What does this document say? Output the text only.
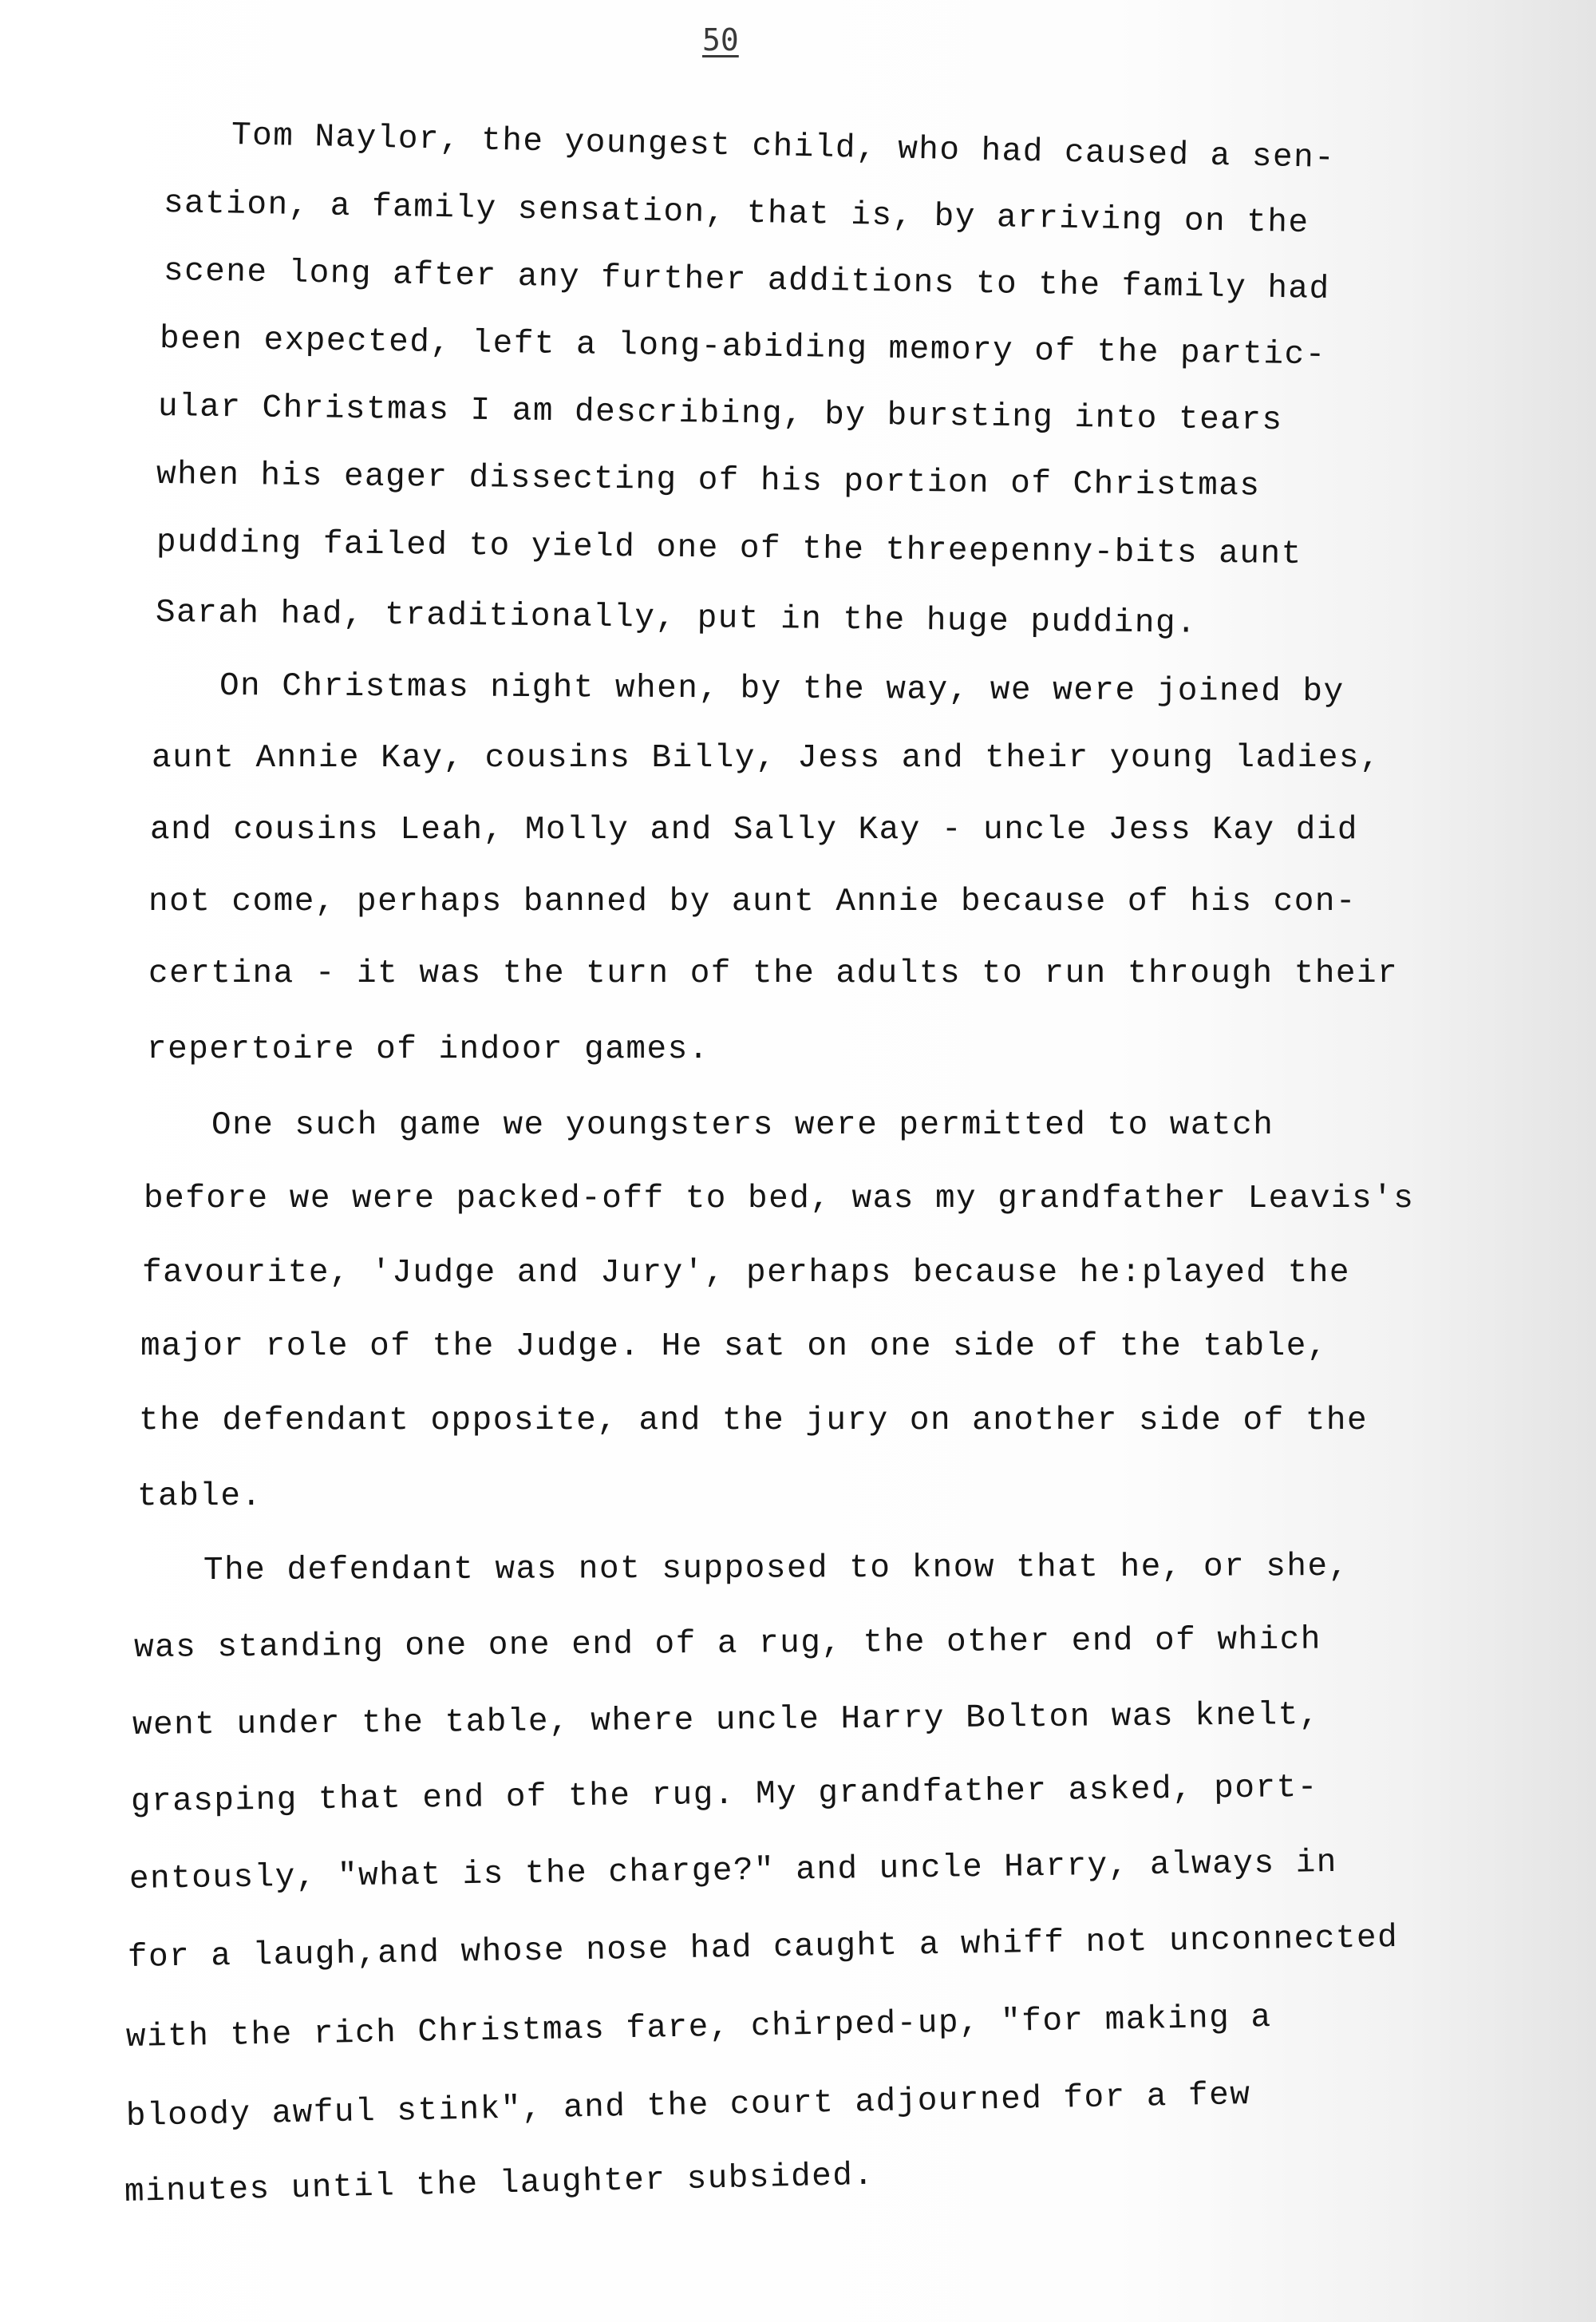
50
Tom Naylor, the youngest child, who had caused a sen-
sation, a family sensation, that is, by arriving on the
scene long after any further additions to the family had
been expected, left a long-abiding memory of the partic-
ular Christmas I am describing, by bursting into tears
when his eager dissecting of his portion of Christmas
pudding failed to yield one of the threepenny-bits aunt
Sarah had, traditionally, put in the huge pudding.
On Christmas night when, by the way, we were joined by
aunt Annie Kay, cousins Billy, Jess and their young ladies,
and cousins Leah, Molly and Sally Kay - uncle Jess Kay did
not come, perhaps banned by aunt Annie because of his con-
certina - it was the turn of the adults to run through their
repertoire of indoor games.
One such game we youngsters were permitted to watch
before we were packed-off to bed, was my grandfather Leavis's
favourite, 'Judge and Jury', perhaps because he:played the
major role of the Judge. He sat on one side of the table,
the defendant opposite, and the jury on another side of the
table.
The defendant was not supposed to know that he, or she,
was standing one one end of a rug, the other end of which
went under the table, where uncle Harry Bolton was knelt,
grasping that end of the rug. My grandfather asked, port-
entously, "what is the charge?" and uncle Harry, always in
for a laugh,and whose nose had caught a whiff not unconnected
with the rich Christmas fare, chirped-up, "for making a
bloody awful stink", and the court adjourned for a few
minutes until the laughter subsided.
